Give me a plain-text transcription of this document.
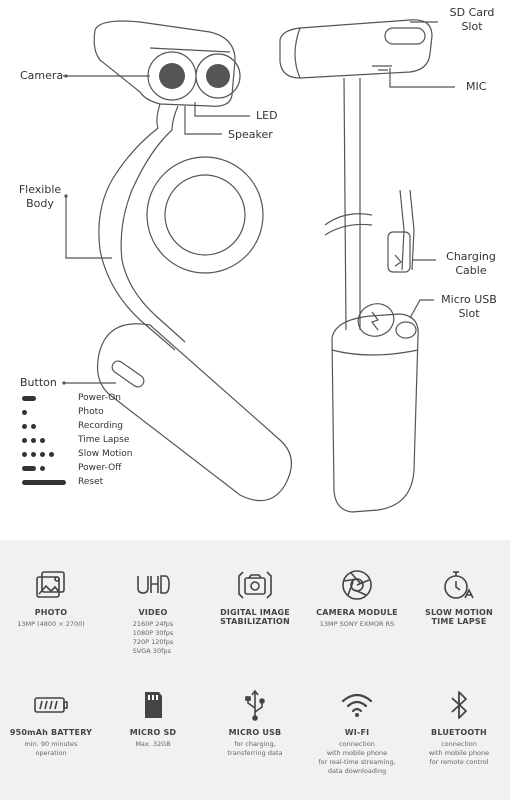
Camera
LED
Speaker
Flexible
Body
Button
SD Card
Slot
MIC
Charging
Cable
Micro USB
Slot
Power-On
Photo
Recording
Time Lapse
Slow Motion
Power-Off
Reset
PHOTO
13MP (4800 × 2700)
VIDEO
2160P 24fps
1080P 30fps
720P 120fps
SVGA 30fps
DIGITAL IMAGE
STABILIZATION
CAMERA MODULE
13MP SONY EXMOR RS
SLOW MOTION
TIME LAPSE
950mAh BATTERY
min. 90 minutes
operation
MICRO SD
Max. 32GB
MICRO USB
for charging,
transferring data
WI-FI
connection
with mobile phone
for real-time streaming,
data downloading
BLUETOOTH
connection
with mobile phone
for remote control
